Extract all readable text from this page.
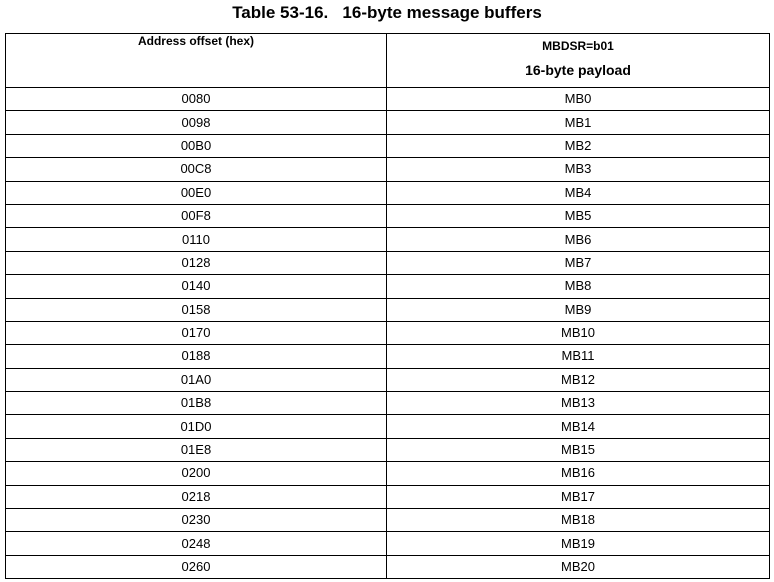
Table 53-16.   16-byte message buffers
Address offset (hex)	MBDSR=b01
16-byte payload

0080	MB0
0098	MB1
00B0	MB2
00C8	MB3
00E0	MB4
00F8	MB5
0110	MB6
0128	MB7
0140	MB8
0158	MB9
0170	MB10
0188	MB11
01A0	MB12
01B8	MB13
01D0	MB14
01E8	MB15
0200	MB16
0218	MB17
0230	MB18
0248	MB19
0260	MB20
